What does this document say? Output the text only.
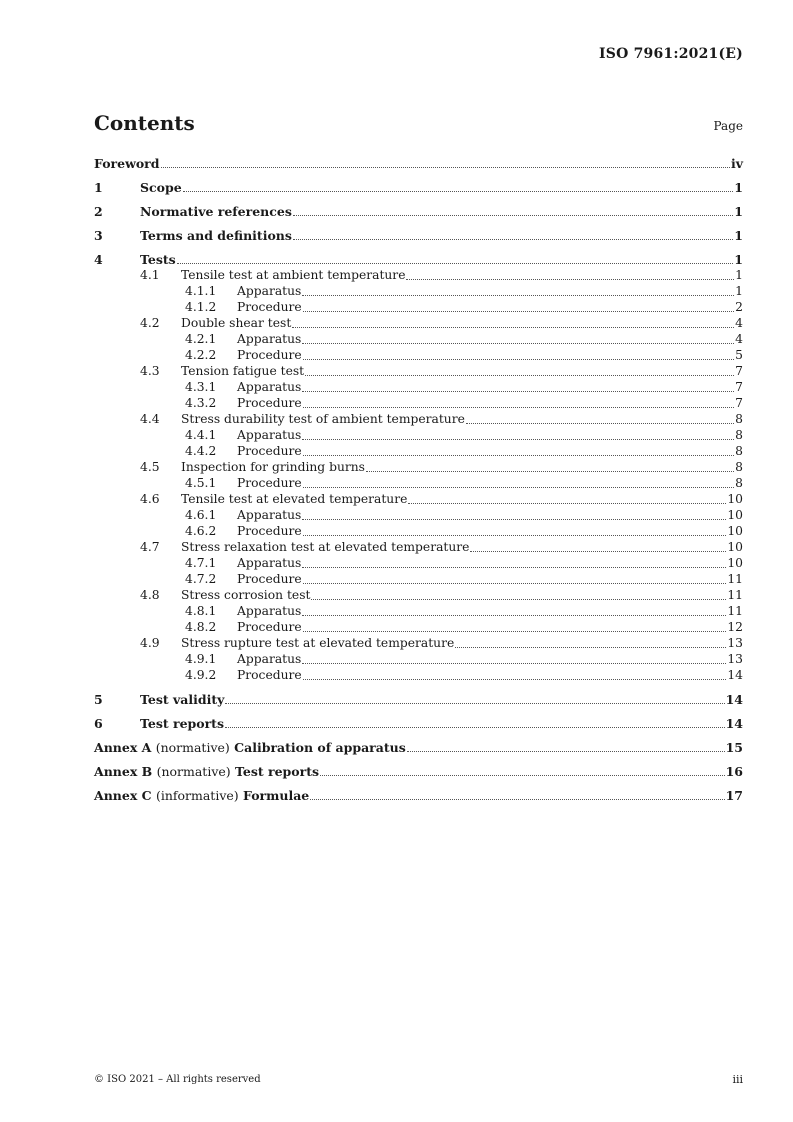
ISO 7961:2021(E)
Contents	Page
Foreword	iv
1	Scope	1
2	Normative references	1
3	Terms and definitions	1
4	Tests	1
4.1	Tensile test at ambient temperature	1
4.1.1	Apparatus	1
4.1.2	Procedure	2
4.2	Double shear test	4
4.2.1	Apparatus	4
4.2.2	Procedure	5
4.3	Tension fatigue test	7
4.3.1	Apparatus	7
4.3.2	Procedure	7
4.4	Stress durability test of ambient temperature	8
4.4.1	Apparatus	8
4.4.2	Procedure	8
4.5	Inspection for grinding burns	8
4.5.1	Procedure	8
4.6	Tensile test at elevated temperature	10
4.6.1	Apparatus	10
4.6.2	Procedure	10
4.7	Stress relaxation test at elevated temperature	10
4.7.1	Apparatus	10
4.7.2	Procedure	11
4.8	Stress corrosion test	11
4.8.1	Apparatus	11
4.8.2	Procedure	12
4.9	Stress rupture test at elevated temperature	13
4.9.1	Apparatus	13
4.9.2	Procedure	14
5	Test validity	14
6	Test reports	14
Annex A (normative) Calibration of apparatus	15
Annex B (normative) Test reports	16
Annex C (informative) Formulae	17
© ISO 2021 – All rights reserved	iii
